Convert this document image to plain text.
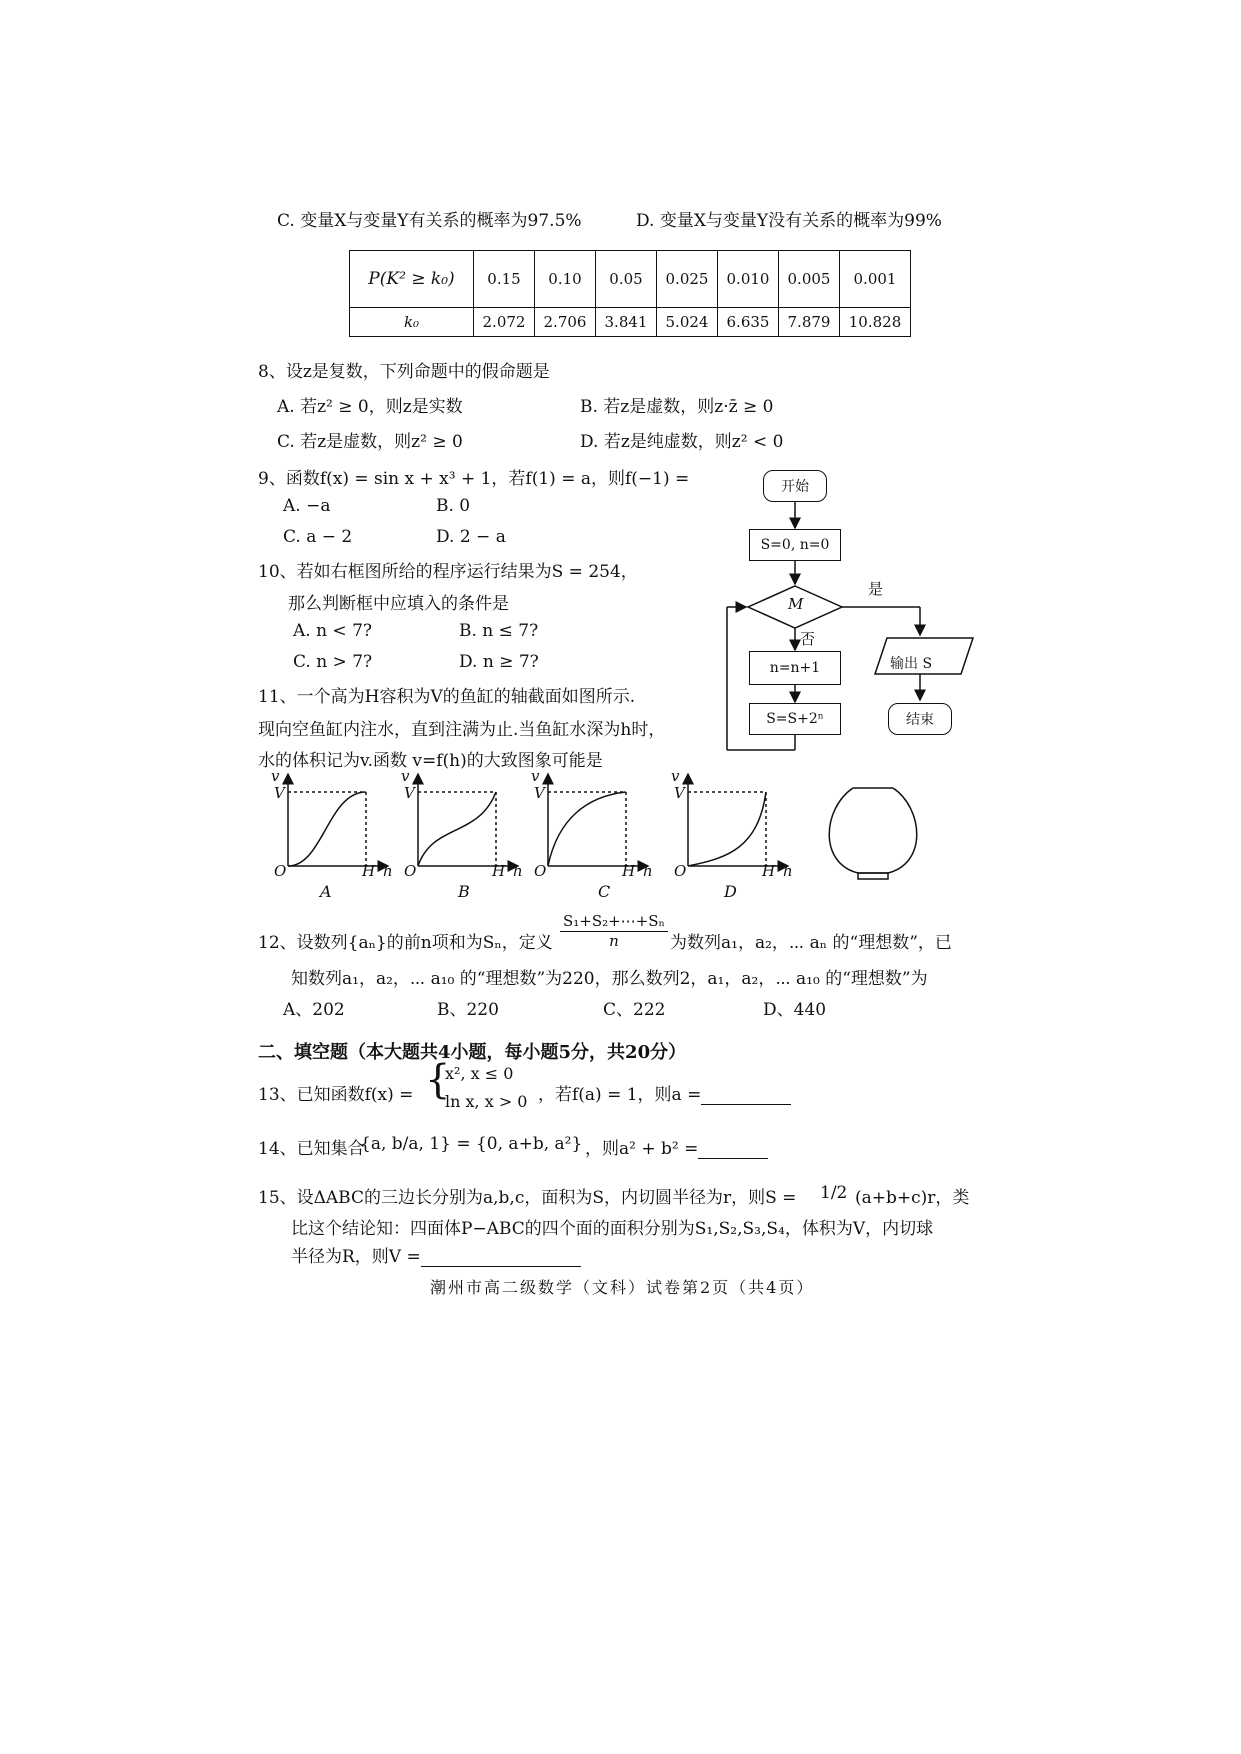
C. 变量X与变量Y有关系的概率为97.5%	D. 变量X与变量Y没有关系的概率为99%
P(K² ≥ k₀)	0.15	0.10	0.05	0.025	0.010	0.005	0.001
k₀	2.072	2.706	3.841	5.024	6.635	7.879	10.828
8、设z是复数，下列命题中的假命题是
A. 若z² ≥ 0，则z是实数	B. 若z是虚数，则z·z̄ ≥ 0
C. 若z是虚数，则z² ≥ 0	D. 若z是纯虚数，则z² < 0
9、函数f(x) = sin x + x³ + 1，若f(1) = a，则f(−1) =
A. −a	B. 0
C. a − 2	D. 2 − a
10、若如右框图所给的程序运行结果为S = 254，
那么判断框中应填入的条件是
A. n < 7?	B. n ≤ 7?
C. n > 7?	D. n ≥ 7?
开始
S=0, n=0
M
是
否
n=n+1
S=S+2ⁿ
输出 S
结束
11、一个高为H容积为V的鱼缸的轴截面如图所示.
现向空鱼缸内注水，直到注满为止.当鱼缸水深为h时，
水的体积记为v.函数 v=f(h)的大致图象可能是
v
V
O	H h
A
v
V
O	H h
B
v
V
O	H h
C
v
V
O	H h
D
12、设数列{aₙ}的前n项和为Sₙ，定义 $\frac{\text{S₁+S₂+⋯+Sₙ}}{n}$ 为数列a₁，a₂，⋯ aₙ 的“理想数”，已
知数列a₁，a₂，⋯ a₁₀ 的“理想数”为220，那么数列2，a₁，a₂，⋯ a₁₀ 的“理想数”为
A、202	B、220	C、222	D、440
二、填空题（本大题共4小题，每小题5分，共20分）
13、已知函数f(x) = {
x², x ≤ 0
ln x, x > 0 ，若f(a) = 1，则a =
14、已知集合
{a, b/a, 1} = {0, a+b, a²} ，则a² + b² =
15、设ΔABC的三边长分别为a,b,c，面积为S，内切圆半径为r，则S = 1/2 (a+b+c)r，类
比这个结论知：四面体P−ABC的四个面的面积分别为S₁,S₂,S₃,S₄，体积为V，内切球
半径为R，则V =
潮州市高二级数学（文科）试卷第2页（共4页）
